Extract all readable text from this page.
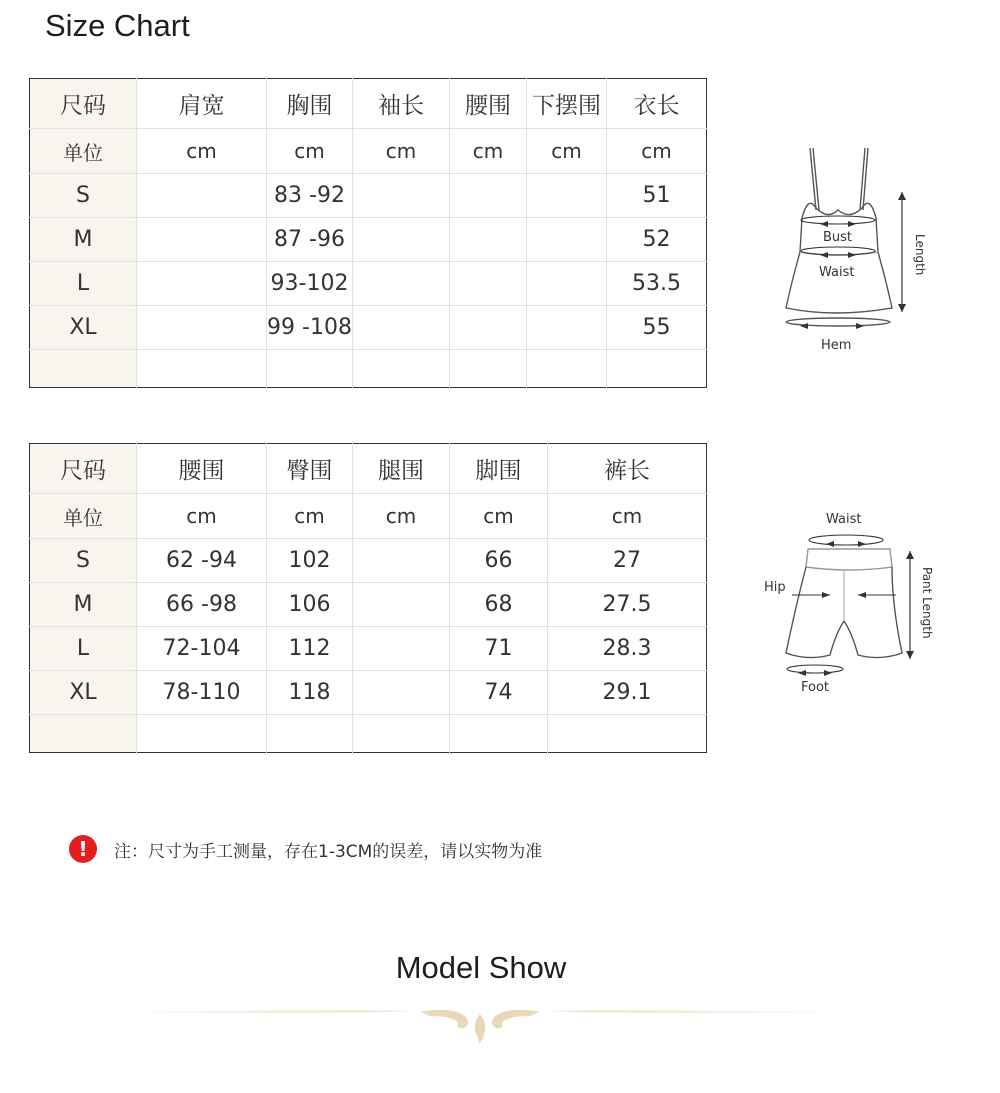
Size Chart
尺码	肩宽	胸围	袖长	腰围	下摆围	衣长
单位	cm	cm	cm	cm	cm	cm
S		83 -92				51
M		87 -96				52
L		93-102				53.5
XL		99 -108				55

Bust
Waist
Hem
Length
尺码	腰围	臀围	腿围	脚围	裤长
单位	cm	cm	cm	cm	cm
S	62 -94	102		66	27
M	66 -98	106		68	27.5
L	72-104	112		71	28.3
XL	78-110	118		74	29.1

Waist
Hip
Foot
Pant Length
!	注：尺寸为手工测量，存在1-3CM的误差，请以实物为准
Model Show
